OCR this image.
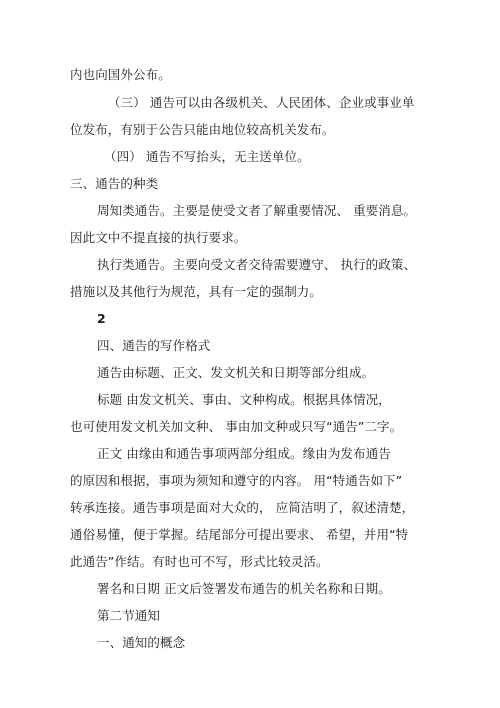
内也向国外公布。
（三） 通告可以由各级机关、人民团体、企业或事业单
位发布，有别于公告只能由地位较高机关发布。
（四） 通告不写抬头，无主送单位。
三、通告的种类
周知类通告。主要是使受文者了解重要情况、 重要消息。
因此文中不提直接的执行要求。
执行类通告。主要向受文者交待需要遵守、 执行的政策、
措施以及其他行为规范，具有一定的强制力。
2
四、通告的写作格式
通告由标题、正文、发文机关和日期等部分组成。
标题 由发文机关、事由、文种构成。根据具体情况，
也可使用发文机关加文种、 事由加文种或只写“通告”二字。
正文 由缘由和通告事项两部分组成。缘由为发布通告
的原因和根据，事项为须知和遵守的内容。 用“特通告如下”
转承连接。通告事项是面对大众的， 应简洁明了，叙述清楚，
通俗易懂，便于掌握。结尾部分可提出要求、 希望，并用“特
此通告”作结。有时也可不写，形式比较灵活。
署名和日期 正文后签署发布通告的机关名称和日期。
第二节通知
一、通知的概念
